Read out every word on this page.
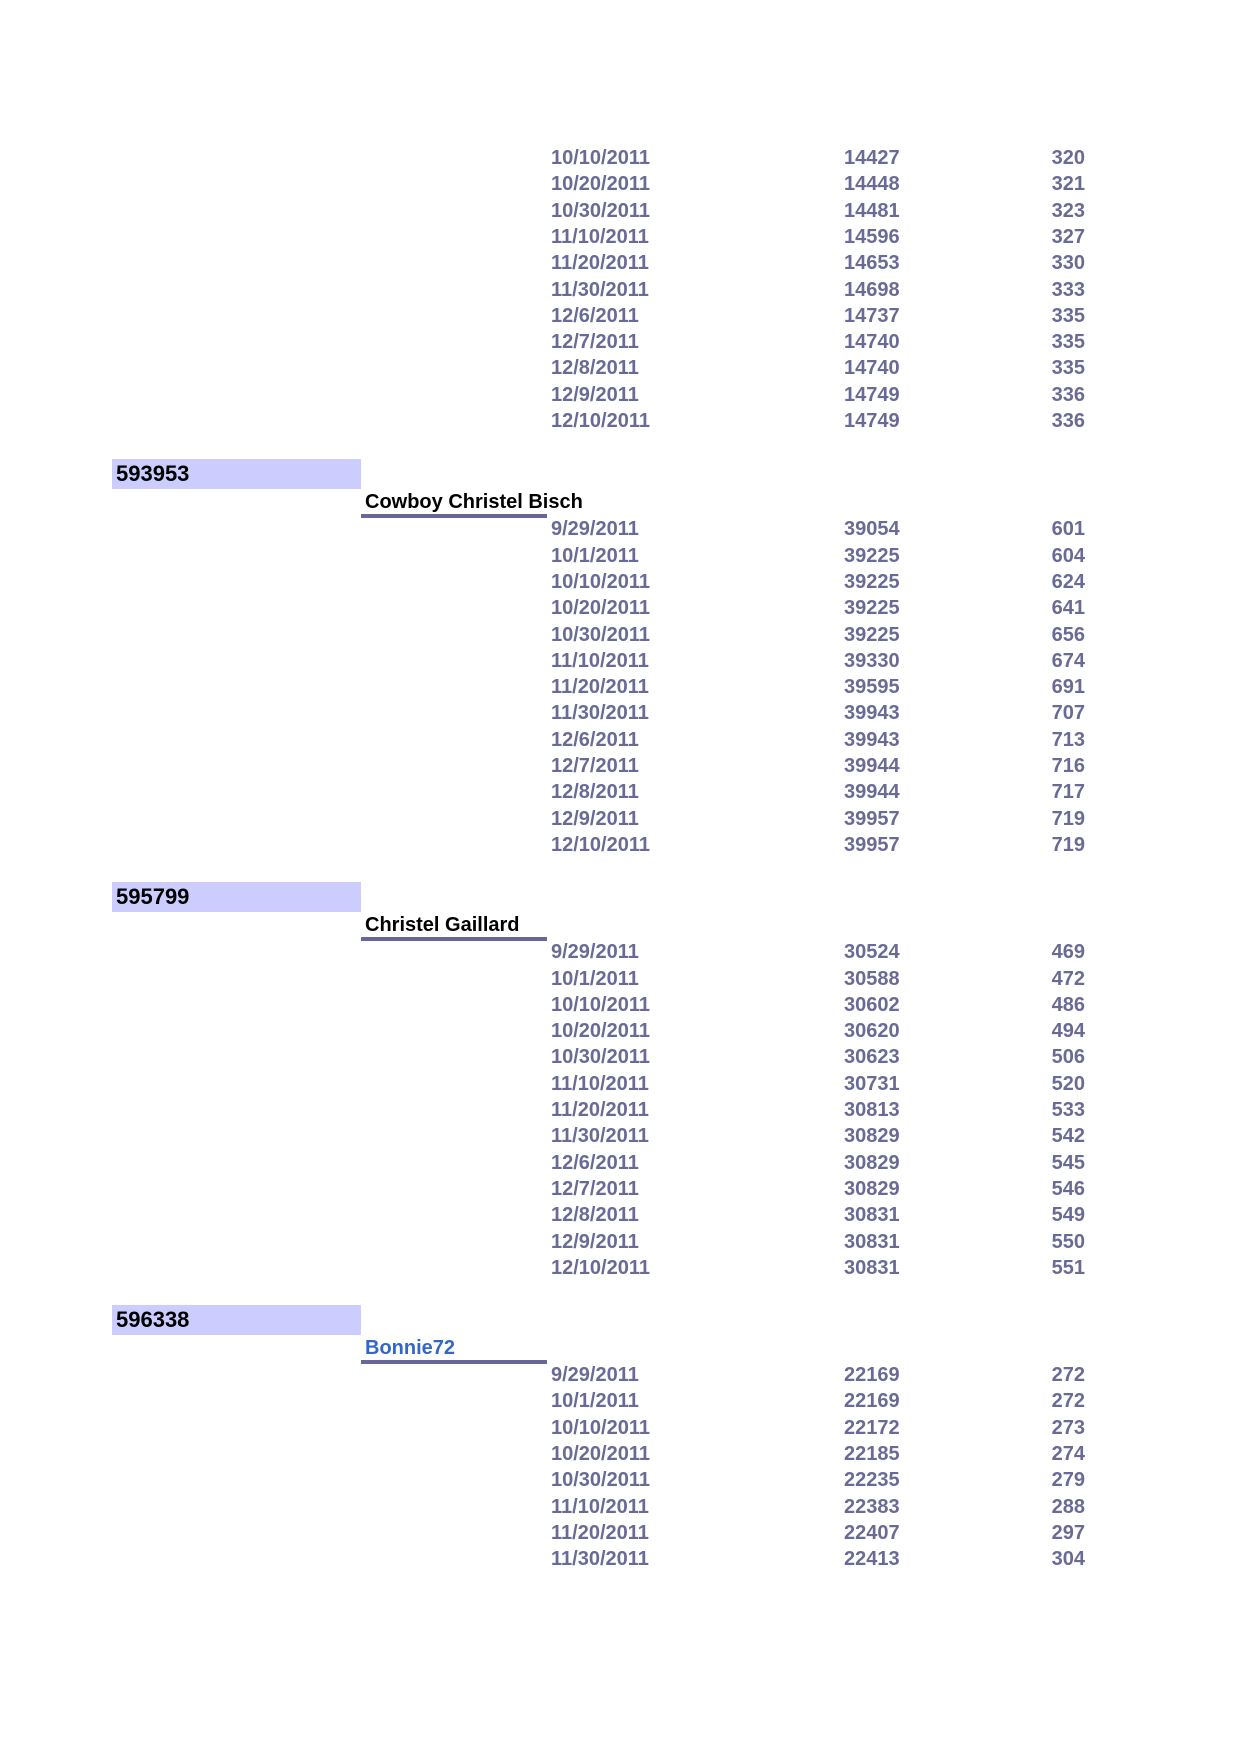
10/10/2011	14427	320
10/20/2011	14448	321
10/30/2011	14481	323
11/10/2011	14596	327
11/20/2011	14653	330
11/30/2011	14698	333
12/6/2011	14737	335
12/7/2011	14740	335
12/8/2011	14740	335
12/9/2011	14749	336
12/10/2011	14749	336
593953
Cowboy Christel Bisch
9/29/2011	39054	601
10/1/2011	39225	604
10/10/2011	39225	624
10/20/2011	39225	641
10/30/2011	39225	656
11/10/2011	39330	674
11/20/2011	39595	691
11/30/2011	39943	707
12/6/2011	39943	713
12/7/2011	39944	716
12/8/2011	39944	717
12/9/2011	39957	719
12/10/2011	39957	719
595799
Christel Gaillard
9/29/2011	30524	469
10/1/2011	30588	472
10/10/2011	30602	486
10/20/2011	30620	494
10/30/2011	30623	506
11/10/2011	30731	520
11/20/2011	30813	533
11/30/2011	30829	542
12/6/2011	30829	545
12/7/2011	30829	546
12/8/2011	30831	549
12/9/2011	30831	550
12/10/2011	30831	551
596338
Bonnie72
9/29/2011	22169	272
10/1/2011	22169	272
10/10/2011	22172	273
10/20/2011	22185	274
10/30/2011	22235	279
11/10/2011	22383	288
11/20/2011	22407	297
11/30/2011	22413	304
